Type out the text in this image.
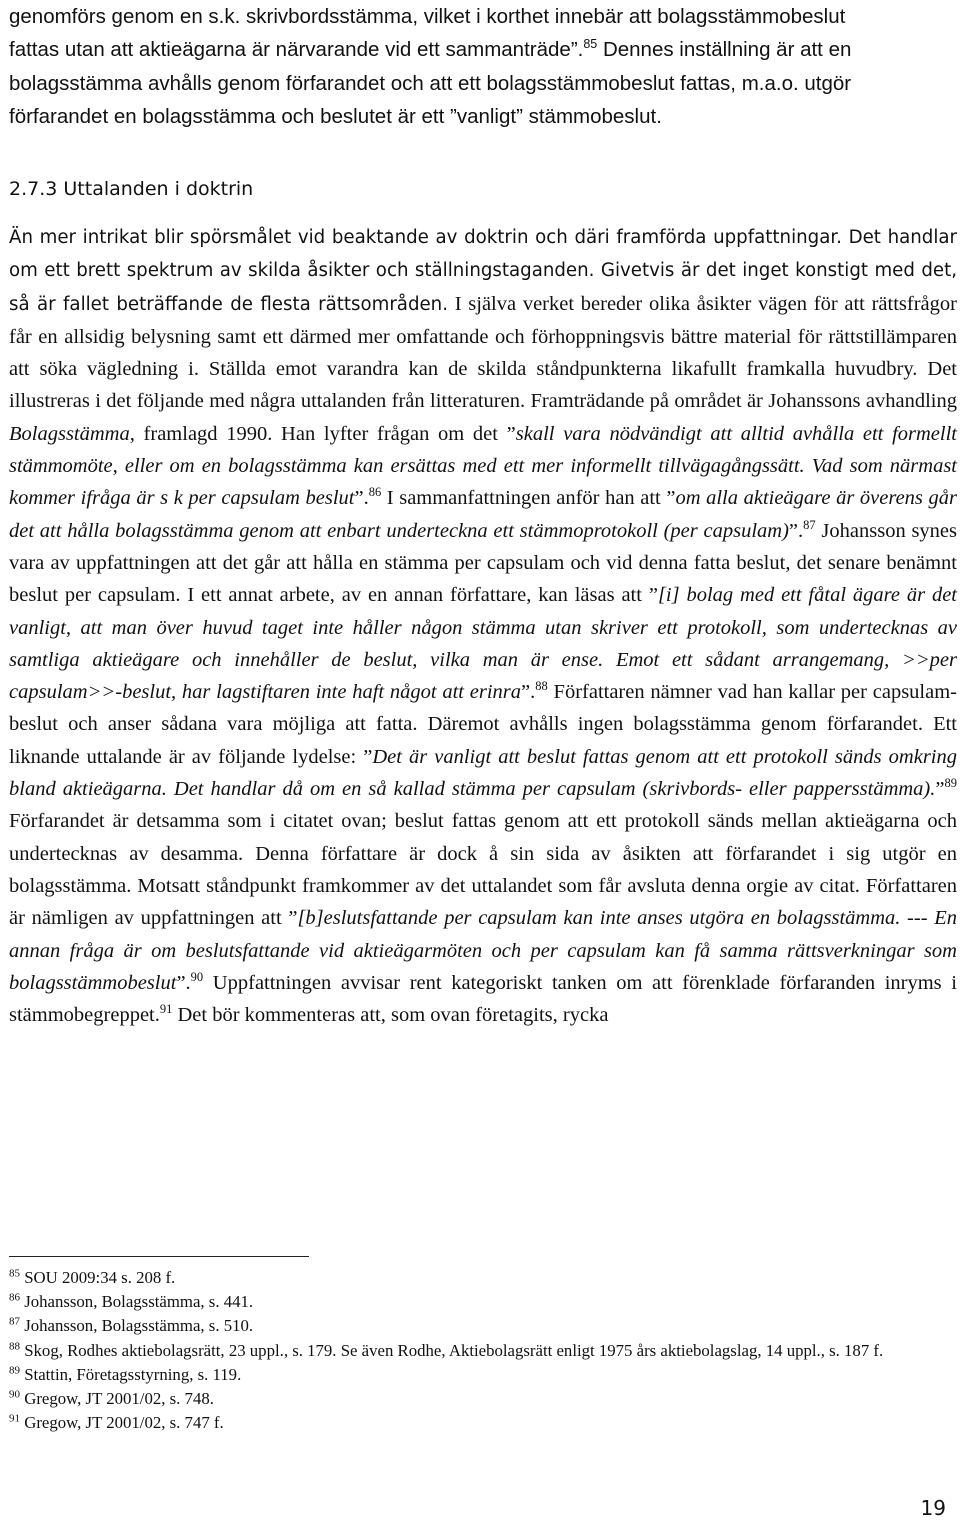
genomförs genom en s.k. skrivbordsstämma, vilket i korthet innebär att bolagsstämmobeslut
fattas utan att aktieägarna är närvarande vid ett sammanträde”.$^{85}$ Dennes inställning är att en
bolagsstämma avhålls genom förfarandet och att ett bolagsstämmobeslut fattas, m.a.o. utgör
förfarandet en bolagsstämma och beslutet är ett ”vanligt” stämmobeslut.
2.7.3 Uttalanden i doktrin
Än mer intrikat blir spörsmålet vid beaktande av doktrin och däri framförda uppfattningar. Det handlar om ett brett spektrum av skilda åsikter och ställningstaganden. Givetvis är det inget konstigt med det, så är fallet beträffande de flesta rättsområden. I själva verket bereder olika åsikter vägen för att rättsfrågor får en allsidig belysning samt ett därmed mer omfattande och förhoppningsvis bättre material för rättstillämparen att söka vägledning i. Ställda emot varandra kan de skilda ståndpunkterna likafullt framkalla huvudbry. Det illustreras i det följande med några uttalanden från litteraturen. Framträdande på området är Johanssons avhandling Bolagsstämma, framlagd 1990. Han lyfter frågan om det ”skall vara nödvändigt att alltid avhålla ett formellt stämmomöte, eller om en bolagsstämma kan ersättas med ett mer informellt tillvägagångssätt. Vad som närmast kommer ifråga är s k per capsulam beslut”.$^{86}$ I sammanfattningen anför han att ”om alla aktieägare är överens går det att hålla bolagsstämma genom att enbart underteckna ett stämmoprotokoll (per capsulam)”.$^{87}$ Johansson synes vara av uppfattningen att det går att hålla en stämma per capsulam och vid denna fatta beslut, det senare benämnt beslut per capsulam. I ett annat arbete, av en annan författare, kan läsas att ”[i] bolag med ett fåtal ägare är det vanligt, att man över huvud taget inte håller någon stämma utan skriver ett protokoll, som undertecknas av samtliga aktieägare och innehåller de beslut, vilka man är ense. Emot ett sådant arrangemang, >>per capsulam>>-beslut, har lagstiftaren inte haft något att erinra”.$^{88}$ Författaren nämner vad han kallar per capsulam-beslut och anser sådana vara möjliga att fatta. Däremot avhålls ingen bolagsstämma genom förfarandet. Ett liknande uttalande är av följande lydelse: ”Det är vanligt att beslut fattas genom att ett protokoll sänds omkring bland aktieägarna. Det handlar då om en så kallad stämma per capsulam (skrivbords- eller pappersstämma).”$^{89}$ Förfarandet är detsamma som i citatet ovan; beslut fattas genom att ett protokoll sänds mellan aktieägarna och undertecknas av desamma. Denna författare är dock å sin sida av åsikten att förfarandet i sig utgör en bolagsstämma. Motsatt ståndpunkt framkommer av det uttalandet som får avsluta denna orgie av citat. Författaren är nämligen av uppfattningen att ”[b]eslutsfattande per capsulam kan inte anses utgöra en bolagsstämma. --- En annan fråga är om beslutsfattande vid aktieägarmöten och per capsulam kan få samma rättsverkningar som bolagsstämmobeslut”.$^{90}$ Uppfattningen avvisar rent kategoriskt tanken om att förenklade förfaranden inryms i stämmobegreppet.$^{91}$ Det bör kommenteras att, som ovan företagits, rycka
$^{85}$ SOU 2009:34 s. 208 f.
$^{86}$ Johansson, Bolagsstämma, s. 441.
$^{87}$ Johansson, Bolagsstämma, s. 510.
$^{88}$ Skog, Rodhes aktiebolagsrätt, 23 uppl., s. 179. Se även Rodhe, Aktiebolagsrätt enligt 1975 års aktiebolagslag, 14 uppl., s. 187 f.
$^{89}$ Stattin, Företagsstyrning, s. 119.
$^{90}$ Gregow, JT 2001/02, s. 748.
$^{91}$ Gregow, JT 2001/02, s. 747 f.
19
